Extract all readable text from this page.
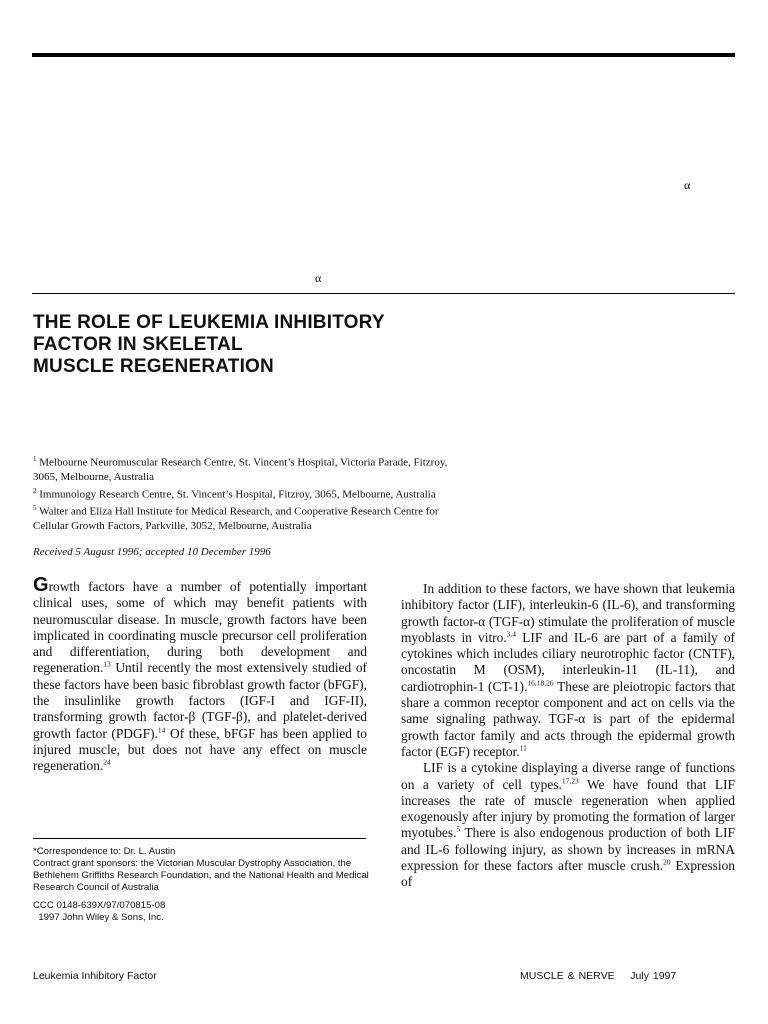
α
α
THE ROLE OF LEUKEMIA INHIBITORY
FACTOR IN SKELETAL
MUSCLE REGENERATION

$^1$ Melbourne Neuromuscular Research Centre, St. Vincent’s Hospital, Victoria Parade, Fitzroy, 3065, Melbourne, Australia

$^2$ Immunology Research Centre, St. Vincent’s Hospital, Fitzroy, 3065, Melbourne, Australia

$^5$ Walter and Eliza Hall Institute for Medical Research, and Cooperative Research Centre for Cellular Growth Factors, Parkville, 3052, Melbourne, Australia

Received 5 August 1996; accepted 10 December 1996

Growth factors have a number of potentially important clinical uses, some of which may benefit patients with neuromuscular disease. In muscle, growth factors have been implicated in coordinating muscle precursor cell proliferation and differentiation, during both development and regeneration.$^{13}$ Until recently the most extensively studied of these factors have been basic fibroblast growth factor (bFGF), the insulinlike growth factors (IGF-I and IGF-II), transforming growth factor-β (TGF-β), and platelet-derived growth factor (PDGF).$^{14}$ Of these, bFGF has been applied to injured muscle, but does not have any effect on muscle regeneration.$^{24}$

In addition to these factors, we have shown that leukemia inhibitory factor (LIF), interleukin-6 (IL-6), and transforming growth factor-α (TGF-α) stimulate the proliferation of muscle myoblasts in vitro.$^{3,4}$ LIF and IL-6 are part of a family of cytokines which includes ciliary neurotrophic factor (CNTF), oncostatin M (OSM), interleukin-11 (IL-11), and cardiotrophin-1 (CT-1).$^{16,18,26}$ These are pleiotropic factors that share a common receptor component and act on cells via the same signaling pathway. TGF-α is part of the epidermal growth factor family and acts through the epidermal growth factor (EGF) receptor.$^{11}$

LIF is a cytokine displaying a diverse range of functions on a variety of cell types.$^{17,23}$ We have found that LIF increases the rate of muscle regeneration when applied exogenously after injury by promoting the formation of larger myotubes.$^5$ There is also endogenous production of both LIF and IL-6 following injury, as shown by increases in mRNA expression for these factors after muscle crush.$^{20}$ Expression of

*Correspondence to: Dr. L. Austin

Contract grant sponsors: the Victorian Muscular Dystrophy Association, the Bethlehem Griffiths Research Foundation, and the National Health and Medical Research Council of Australia

CCC 0148-639X/97/070815-08

1997 John Wiley & Sons, Inc.

Leukemia Inhibitory Factor	MUSCLE & NERVE July 1997
